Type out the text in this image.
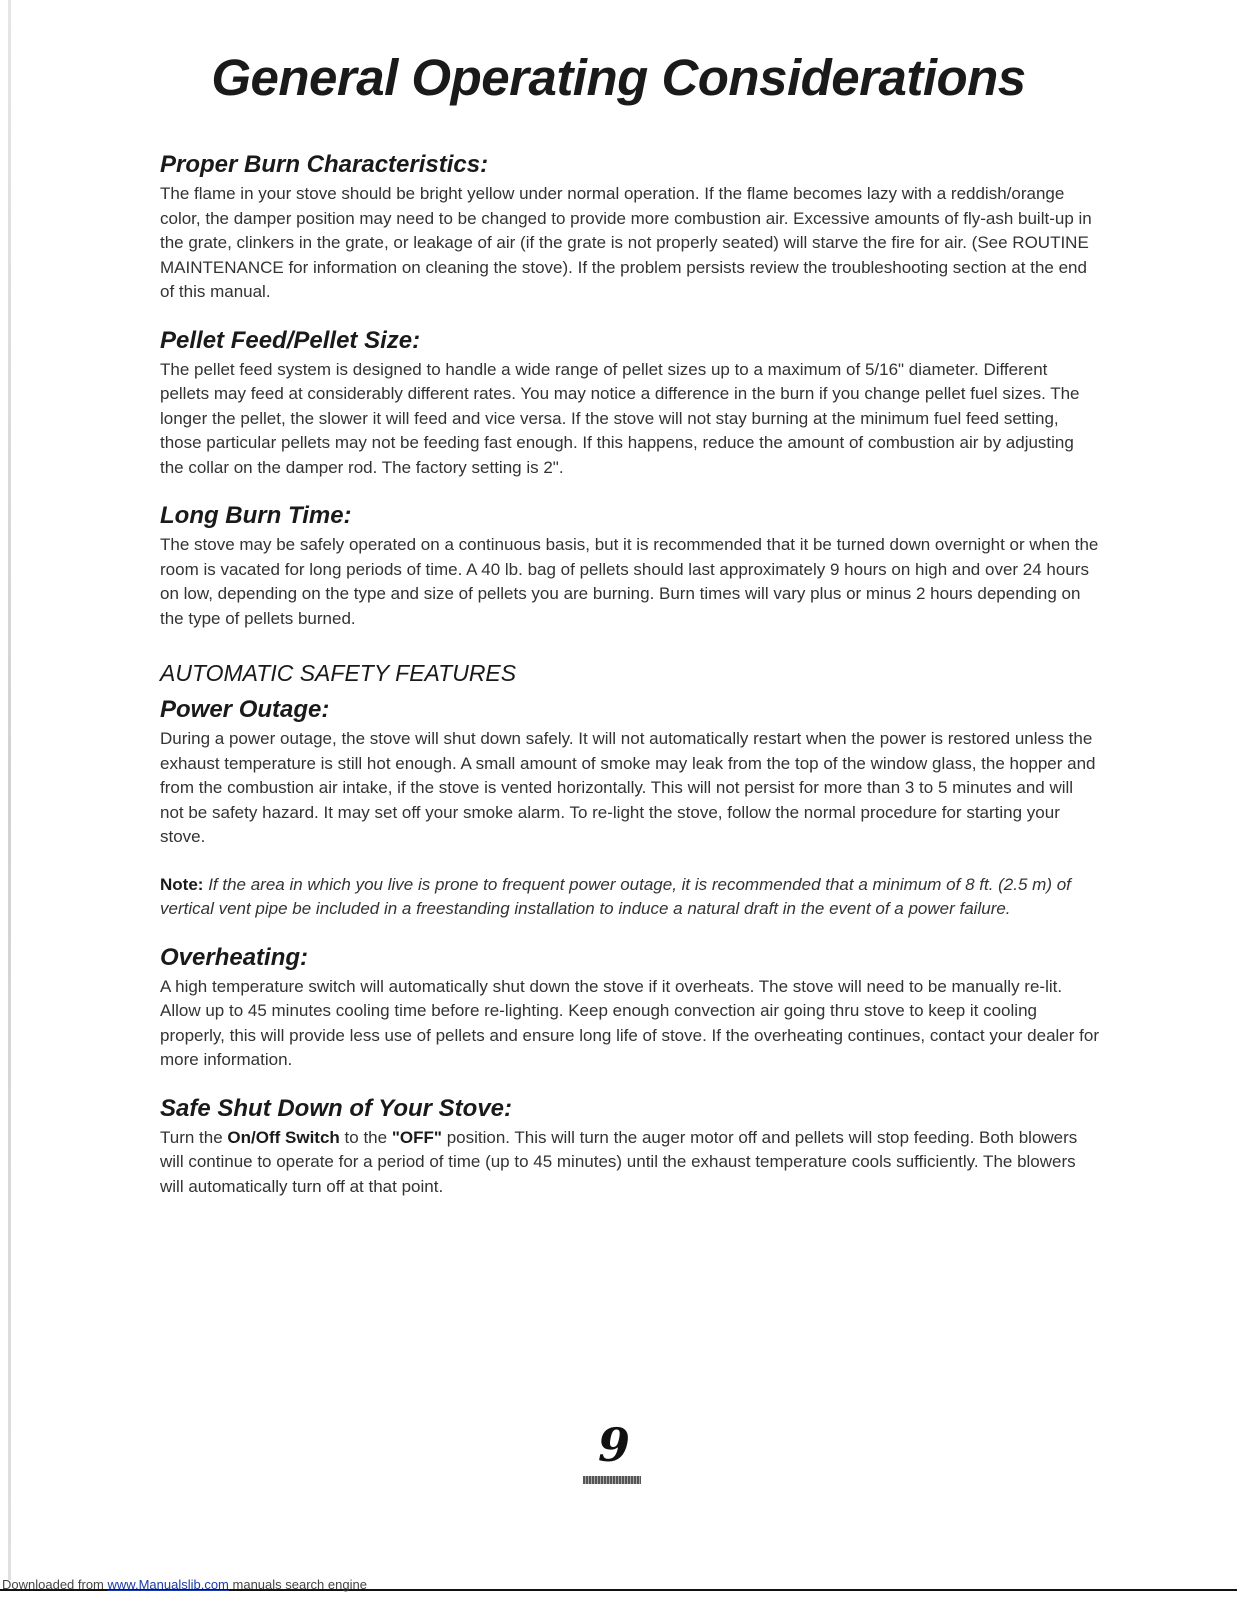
General Operating Considerations
Proper Burn Characteristics:

The flame in your stove should be bright yellow under normal operation. If the flame becomes lazy with a reddish/orange color, the damper position may need to be changed to provide more combustion air. Excessive amounts of fly-ash built-up in the grate, clinkers in the grate, or leakage of air (if the grate is not properly seated) will starve the fire for air. (See ROUTINE MAINTENANCE for information on cleaning the stove). If the problem persists review the troubleshooting section at the end of this manual.

Pellet Feed/Pellet Size:

The pellet feed system is designed to handle a wide range of pellet sizes up to a maximum of 5/16" diameter. Different pellets may feed at considerably different rates. You may notice a difference in the burn if you change pellet fuel sizes. The longer the pellet, the slower it will feed and vice versa. If the stove will not stay burning at the minimum fuel feed setting, those particular pellets may not be feeding fast enough. If this happens, reduce the amount of combustion air by adjusting the collar on the damper rod. The factory setting is 2".

Long Burn Time:

The stove may be safely operated on a continuous basis, but it is recommended that it be turned down overnight or when the room is vacated for long periods of time. A 40 lb. bag of pellets should last approximately 9 hours on high and over 24 hours on low, depending on the type and size of pellets you are burning. Burn times will vary plus or minus 2 hours depending on the type of pellets burned.

AUTOMATIC SAFETY FEATURES
Power Outage:

During a power outage, the stove will shut down safely. It will not automatically restart when the power is restored unless the exhaust temperature is still hot enough. A small amount of smoke may leak from the top of the window glass, the hopper and from the combustion air intake, if the stove is vented horizontally. This will not persist for more than 3 to 5 minutes and will not be safety hazard. It may set off your smoke alarm. To re-light the stove, follow the normal procedure for starting your stove.

Note: If the area in which you live is prone to frequent power outage, it is recommended that a minimum of 8 ft. (2.5 m) of vertical vent pipe be included in a freestanding installation to induce a natural draft in the event of a power failure.

Overheating:

A high temperature switch will automatically shut down the stove if it overheats. The stove will need to be manually re-lit. Allow up to 45 minutes cooling time before re-lighting. Keep enough convection air going thru stove to keep it cooling properly, this will provide less use of pellets and ensure long life of stove. If the overheating continues, contact your dealer for more information.

Safe Shut Down of Your Stove:

Turn the On/Off Switch to the "OFF" position. This will turn the auger motor off and pellets will stop feeding. Both blowers will continue to operate for a period of time (up to 45 minutes) until the exhaust temperature cools sufficiently. The blowers will automatically turn off at that point.

9
Downloaded from www.Manualslib.com manuals search engine
